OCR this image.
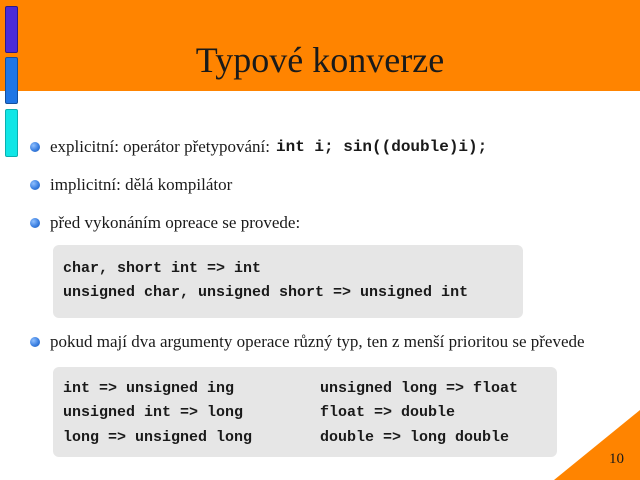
Typové konverze
explicitní: operátor přetypování: int i; sin((double)i);
implicitní: dělá kompilátor
před vykonáním opreace se provede:
char, short int => int
unsigned char, unsigned short => unsigned int
pokud mají dva argumenty operace různý typ, ten z menší prioritou se převede
int => unsigned ing	unsigned long => float
unsigned int => long	float => double
long => unsigned long	double => long double
10
